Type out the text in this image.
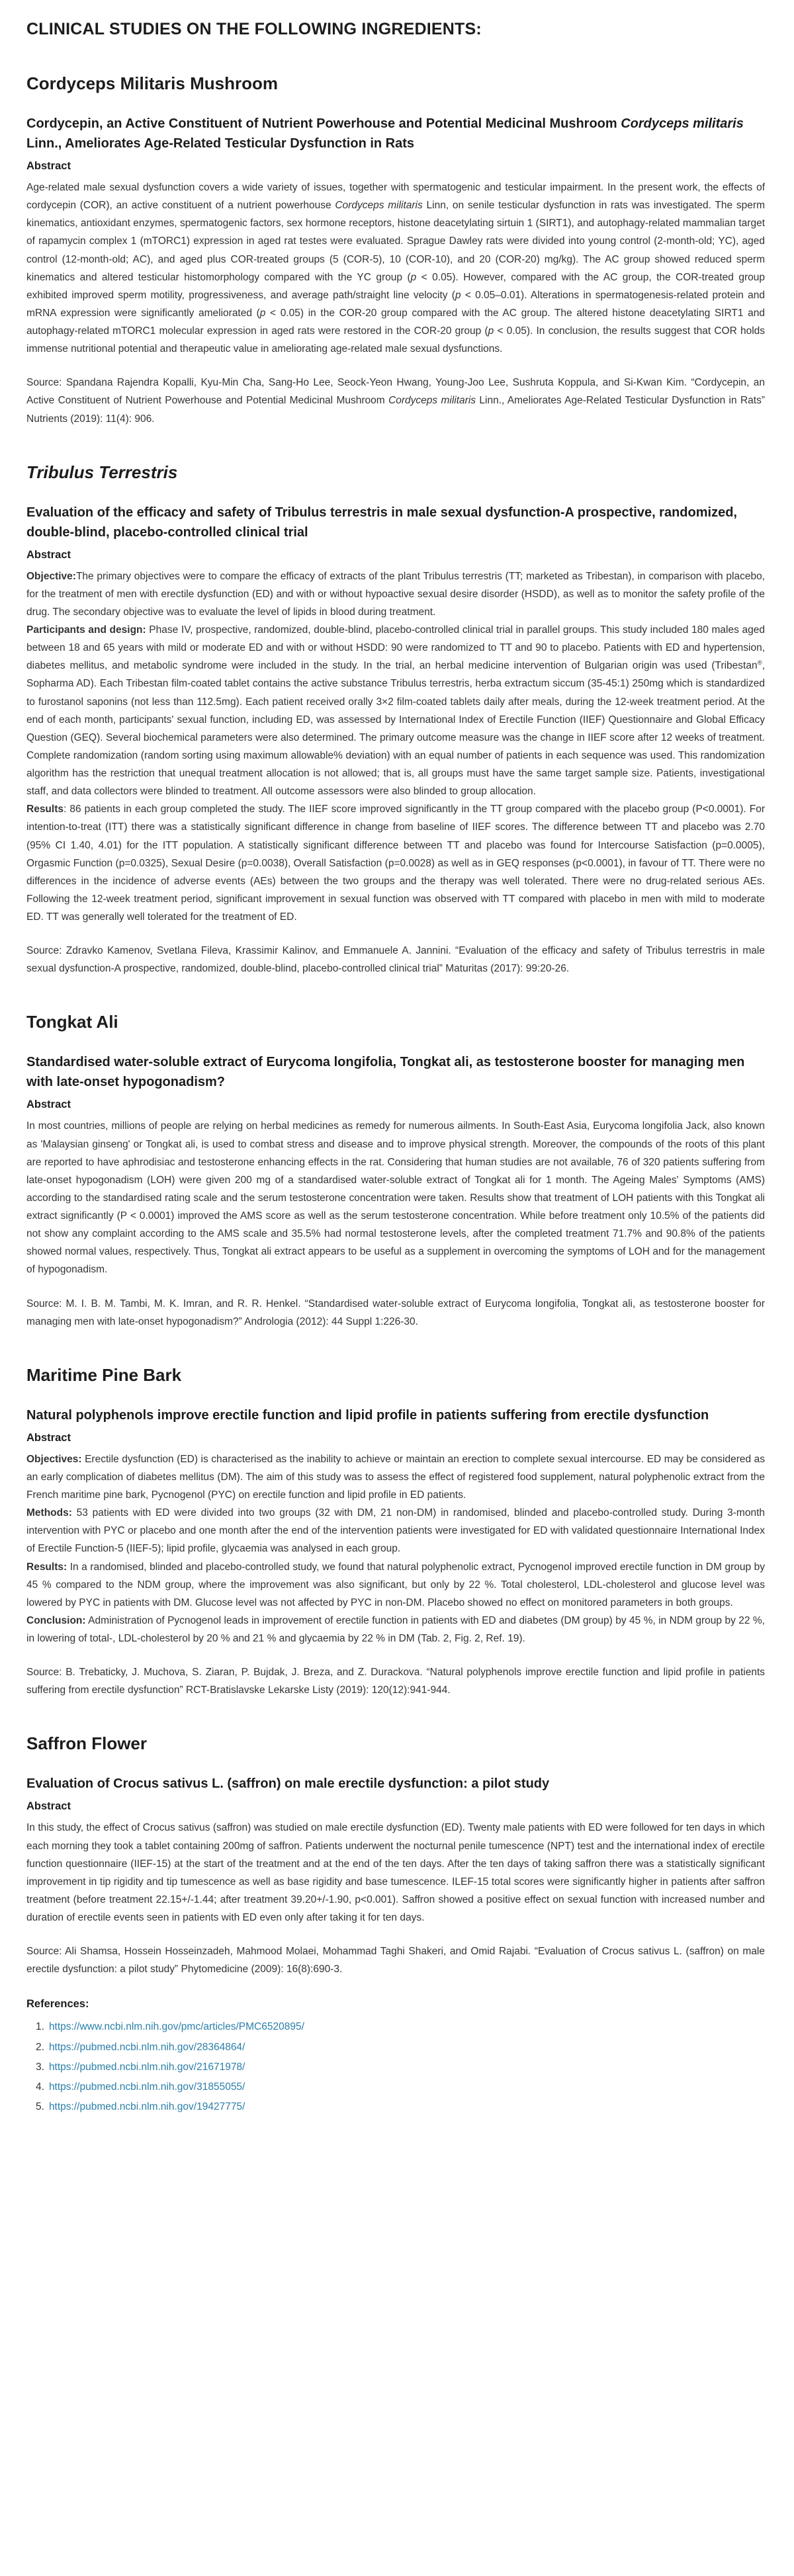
CLINICAL STUDIES ON THE FOLLOWING INGREDIENTS:
Cordyceps Militaris Mushroom
Cordycepin, an Active Constituent of Nutrient Powerhouse and Potential Medicinal Mushroom Cordyceps militaris Linn., Ameliorates Age-Related Testicular Dysfunction in Rats
Abstract

Age-related male sexual dysfunction covers a wide variety of issues, together with spermatogenic and testicular impairment. In the present work, the effects of cordycepin (COR), an active constituent of a nutrient powerhouse Cordyceps militaris Linn, on senile testicular dysfunction in rats was investigated. The sperm kinematics, antioxidant enzymes, spermatogenic factors, sex hormone receptors, histone deacetylating sirtuin 1 (SIRT1), and autophagy-related mammalian target of rapamycin complex 1 (mTORC1) expression in aged rat testes were evaluated. Sprague Dawley rats were divided into young control (2-month-old; YC), aged control (12-month-old; AC), and aged plus COR-treated groups (5 (COR-5), 10 (COR-10), and 20 (COR-20) mg/kg). The AC group showed reduced sperm kinematics and altered testicular histomorphology compared with the YC group (p < 0.05). However, compared with the AC group, the COR-treated group exhibited improved sperm motility, progressiveness, and average path/straight line velocity (p < 0.05–0.01). Alterations in spermatogenesis-related protein and mRNA expression were significantly ameliorated (p < 0.05) in the COR-20 group compared with the AC group. The altered histone deacetylating SIRT1 and autophagy-related mTORC1 molecular expression in aged rats were restored in the COR-20 group (p < 0.05). In conclusion, the results suggest that COR holds immense nutritional potential and therapeutic value in ameliorating age-related male sexual dysfunctions.

Source: Spandana Rajendra Kopalli, Kyu-Min Cha, Sang-Ho Lee, Seock-Yeon Hwang, Young-Joo Lee, Sushruta Koppula, and Si-Kwan Kim. “Cordycepin, an Active Constituent of Nutrient Powerhouse and Potential Medicinal Mushroom Cordyceps militaris Linn., Ameliorates Age-Related Testicular Dysfunction in Rats” Nutrients (2019): 11(4): 906.

Tribulus Terrestris
Evaluation of the efficacy and safety of Tribulus terrestris in male sexual dysfunction-A prospective, randomized, double-blind, placebo-controlled clinical trial
Abstract

Objective:The primary objectives were to compare the efficacy of extracts of the plant Tribulus terrestris (TT; marketed as Tribestan), in comparison with placebo, for the treatment of men with erectile dysfunction (ED) and with or without hypoactive sexual desire disorder (HSDD), as well as to monitor the safety profile of the drug. The secondary objective was to evaluate the level of lipids in blood during treatment.

Participants and design: Phase IV, prospective, randomized, double-blind, placebo-controlled clinical trial in parallel groups. This study included 180 males aged between 18 and 65 years with mild or moderate ED and with or without HSDD: 90 were randomized to TT and 90 to placebo. Patients with ED and hypertension, diabetes mellitus, and metabolic syndrome were included in the study. In the trial, an herbal medicine intervention of Bulgarian origin was used (Tribestan®, Sopharma AD). Each Tribestan film-coated tablet contains the active substance Tribulus terrestris, herba extractum siccum (35-45:1) 250mg which is standardized to furostanol saponins (not less than 112.5mg). Each patient received orally 3×2 film-coated tablets daily after meals, during the 12-week treatment period. At the end of each month, participants' sexual function, including ED, was assessed by International Index of Erectile Function (IIEF) Questionnaire and Global Efficacy Question (GEQ). Several biochemical parameters were also determined. The primary outcome measure was the change in IIEF score after 12 weeks of treatment. Complete randomization (random sorting using maximum allowable% deviation) with an equal number of patients in each sequence was used. This randomization algorithm has the restriction that unequal treatment allocation is not allowed; that is, all groups must have the same target sample size. Patients, investigational staff, and data collectors were blinded to treatment. All outcome assessors were also blinded to group allocation.

Results: 86 patients in each group completed the study. The IIEF score improved significantly in the TT group compared with the placebo group (P<0.0001). For intention-to-treat (ITT) there was a statistically significant difference in change from baseline of IIEF scores. The difference between TT and placebo was 2.70 (95% CI 1.40, 4.01) for the ITT population. A statistically significant difference between TT and placebo was found for Intercourse Satisfaction (p=0.0005), Orgasmic Function (p=0.0325), Sexual Desire (p=0.0038), Overall Satisfaction (p=0.0028) as well as in GEQ responses (p<0.0001), in favour of TT. There were no differences in the incidence of adverse events (AEs) between the two groups and the therapy was well tolerated. There were no drug-related serious AEs. Following the 12-week treatment period, significant improvement in sexual function was observed with TT compared with placebo in men with mild to moderate ED. TT was generally well tolerated for the treatment of ED.

Source: Zdravko Kamenov, Svetlana Fileva, Krassimir Kalinov, and Emmanuele A. Jannini. “Evaluation of the efficacy and safety of Tribulus terrestris in male sexual dysfunction-A prospective, randomized, double-blind, placebo-controlled clinical trial” Maturitas (2017): 99:20-26.

Tongkat Ali
Standardised water-soluble extract of Eurycoma longifolia, Tongkat ali, as testosterone booster for managing men with late-onset hypogonadism?
Abstract

In most countries, millions of people are relying on herbal medicines as remedy for numerous ailments. In South-East Asia, Eurycoma longifolia Jack, also known as 'Malaysian ginseng' or Tongkat ali, is used to combat stress and disease and to improve physical strength. Moreover, the compounds of the roots of this plant are reported to have aphrodisiac and testosterone enhancing effects in the rat. Considering that human studies are not available, 76 of 320 patients suffering from late-onset hypogonadism (LOH) were given 200 mg of a standardised water-soluble extract of Tongkat ali for 1 month. The Ageing Males' Symptoms (AMS) according to the standardised rating scale and the serum testosterone concentration were taken. Results show that treatment of LOH patients with this Tongkat ali extract significantly (P < 0.0001) improved the AMS score as well as the serum testosterone concentration. While before treatment only 10.5% of the patients did not show any complaint according to the AMS scale and 35.5% had normal testosterone levels, after the completed treatment 71.7% and 90.8% of the patients showed normal values, respectively. Thus, Tongkat ali extract appears to be useful as a supplement in overcoming the symptoms of LOH and for the management of hypogonadism.

Source: M. I. B. M. Tambi, M. K. Imran, and R. R. Henkel. “Standardised water-soluble extract of Eurycoma longifolia, Tongkat ali, as testosterone booster for managing men with late-onset hypogonadism?” Andrologia (2012): 44 Suppl 1:226-30.

Maritime Pine Bark
Natural polyphenols improve erectile function and lipid profile in patients suffering from erectile dysfunction
Abstract

Objectives: Erectile dysfunction (ED) is characterised as the inability to achieve or maintain an erection to complete sexual intercourse. ED may be considered as an early complication of diabetes mellitus (DM). The aim of this study was to assess the effect of registered food supplement, natural polyphenolic extract from the French maritime pine bark, Pycnogenol (PYC) on erectile function and lipid profile in ED patients.

Methods: 53 patients with ED were divided into two groups (32 with DM, 21 non-DM) in randomised, blinded and placebo-controlled study. During 3-month intervention with PYC or placebo and one month after the end of the intervention patients were investigated for ED with validated questionnaire International Index of Erectile Function-5 (IIEF-5); lipid profile, glycaemia was analysed in each group.

Results: In a randomised, blinded and placebo-controlled study, we found that natural polyphenolic extract, Pycnogenol improved erectile function in DM group by 45 % compared to the NDM group, where the improvement was also significant, but only by 22 %. Total cholesterol, LDL-cholesterol and glucose level was lowered by PYC in patients with DM. Glucose level was not affected by PYC in non-DM. Placebo showed no effect on monitored parameters in both groups.

Conclusion: Administration of Pycnogenol leads in improvement of erectile function in patients with ED and diabetes (DM group) by 45 %, in NDM group by 22 %, in lowering of total-, LDL-cholesterol by 20 % and 21 % and glycaemia by 22 % in DM (Tab. 2, Fig. 2, Ref. 19).

Source: B. Trebaticky, J. Muchova, S. Ziaran, P. Bujdak, J. Breza, and Z. Durackova. “Natural polyphenols improve erectile function and lipid profile in patients suffering from erectile dysfunction” RCT-Bratislavske Lekarske Listy (2019): 120(12):941-944.

Saffron Flower
Evaluation of Crocus sativus L. (saffron) on male erectile dysfunction: a pilot study
Abstract

In this study, the effect of Crocus sativus (saffron) was studied on male erectile dysfunction (ED). Twenty male patients with ED were followed for ten days in which each morning they took a tablet containing 200mg of saffron. Patients underwent the nocturnal penile tumescence (NPT) test and the international index of erectile function questionnaire (IIEF-15) at the start of the treatment and at the end of the ten days. After the ten days of taking saffron there was a statistically significant improvement in tip rigidity and tip tumescence as well as base rigidity and base tumescence. ILEF-15 total scores were significantly higher in patients after saffron treatment (before treatment 22.15+/-1.44; after treatment 39.20+/-1.90, p<0.001). Saffron showed a positive effect on sexual function with increased number and duration of erectile events seen in patients with ED even only after taking it for ten days.

Source: Ali Shamsa, Hossein Hosseinzadeh, Mahmood Molaei, Mohammad Taghi Shakeri, and Omid Rajabi. “Evaluation of Crocus sativus L. (saffron) on male erectile dysfunction: a pilot study” Phytomedicine (2009): 16(8):690-3.

References:
1. https://www.ncbi.nlm.nih.gov/pmc/articles/PMC6520895/
2. https://pubmed.ncbi.nlm.nih.gov/28364864/
3. https://pubmed.ncbi.nlm.nih.gov/21671978/
4. https://pubmed.ncbi.nlm.nih.gov/31855055/
5. https://pubmed.ncbi.nlm.nih.gov/19427775/
